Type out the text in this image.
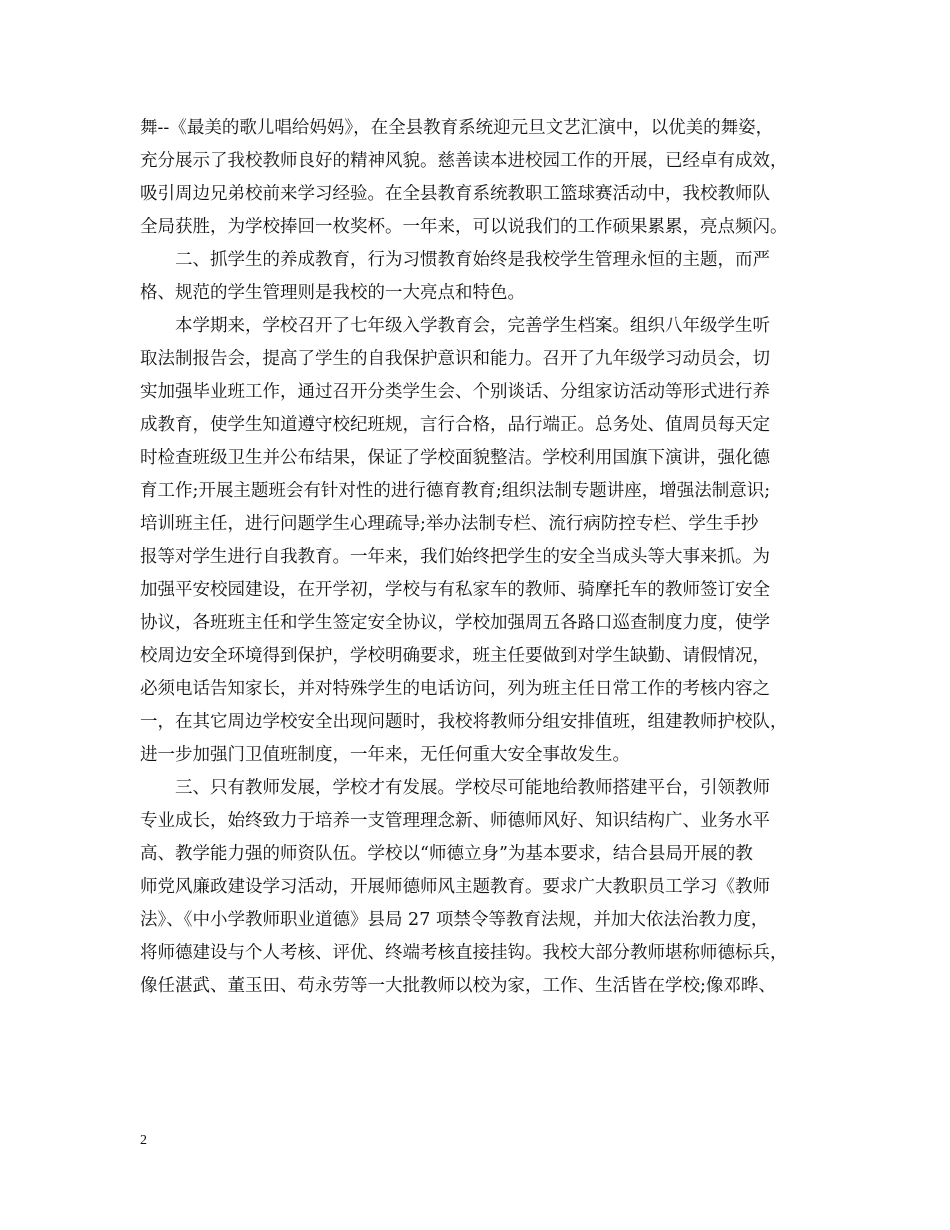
舞--《最美的歌儿唱给妈妈》，在全县教育系统迎元旦文艺汇演中，以优美的舞姿，
充分展示了我校教师良好的精神风貌。慈善读本进校园工作的开展，已经卓有成效，
吸引周边兄弟校前来学习经验。在全县教育系统教职工篮球赛活动中，我校教师队
全局获胜，为学校捧回一枚奖杯。一年来，可以说我们的工作硕果累累，亮点频闪。
　　二、抓学生的养成教育，行为习惯教育始终是我校学生管理永恒的主题，而严
格、规范的学生管理则是我校的一大亮点和特色。
　　本学期来，学校召开了七年级入学教育会，完善学生档案。组织八年级学生听
取法制报告会，提高了学生的自我保护意识和能力。召开了九年级学习动员会，切
实加强毕业班工作，通过召开分类学生会、个别谈话、分组家访活动等形式进行养
成教育，使学生知道遵守校纪班规，言行合格，品行端正。总务处、值周员每天定
时检查班级卫生并公布结果，保证了学校面貌整洁。学校利用国旗下演讲，强化德
育工作;开展主题班会有针对性的进行德育教育;组织法制专题讲座，增强法制意识;
培训班主任，进行问题学生心理疏导;举办法制专栏、流行病防控专栏、学生手抄
报等对学生进行自我教育。一年来，我们始终把学生的安全当成头等大事来抓。为
加强平安校园建设，在开学初，学校与有私家车的教师、骑摩托车的教师签订安全
协议，各班班主任和学生签定安全协议，学校加强周五各路口巡查制度力度，使学
校周边安全环境得到保护，学校明确要求，班主任要做到对学生缺勤、请假情况，
必须电话告知家长，并对特殊学生的电话访问，列为班主任日常工作的考核内容之
一，在其它周边学校安全出现问题时，我校将教师分组安排值班，组建教师护校队，
进一步加强门卫值班制度，一年来，无任何重大安全事故发生。
　　三、只有教师发展，学校才有发展。学校尽可能地给教师搭建平台，引领教师
专业成长，始终致力于培养一支管理理念新、师德师风好、知识结构广、业务水平
高、教学能力强的师资队伍。学校以“师德立身”为基本要求，结合县局开展的教
师党风廉政建设学习活动，开展师德师风主题教育。要求广大教职员工学习《教师
法》、《中小学教师职业道德》县局 27 项禁令等教育法规，并加大依法治教力度，
将师德建设与个人考核、评优、终端考核直接挂钩。我校大部分教师堪称师德标兵，
像任湛武、董玉田、苟永劳等一大批教师以校为家，工作、生活皆在学校;像邓晔、
2
